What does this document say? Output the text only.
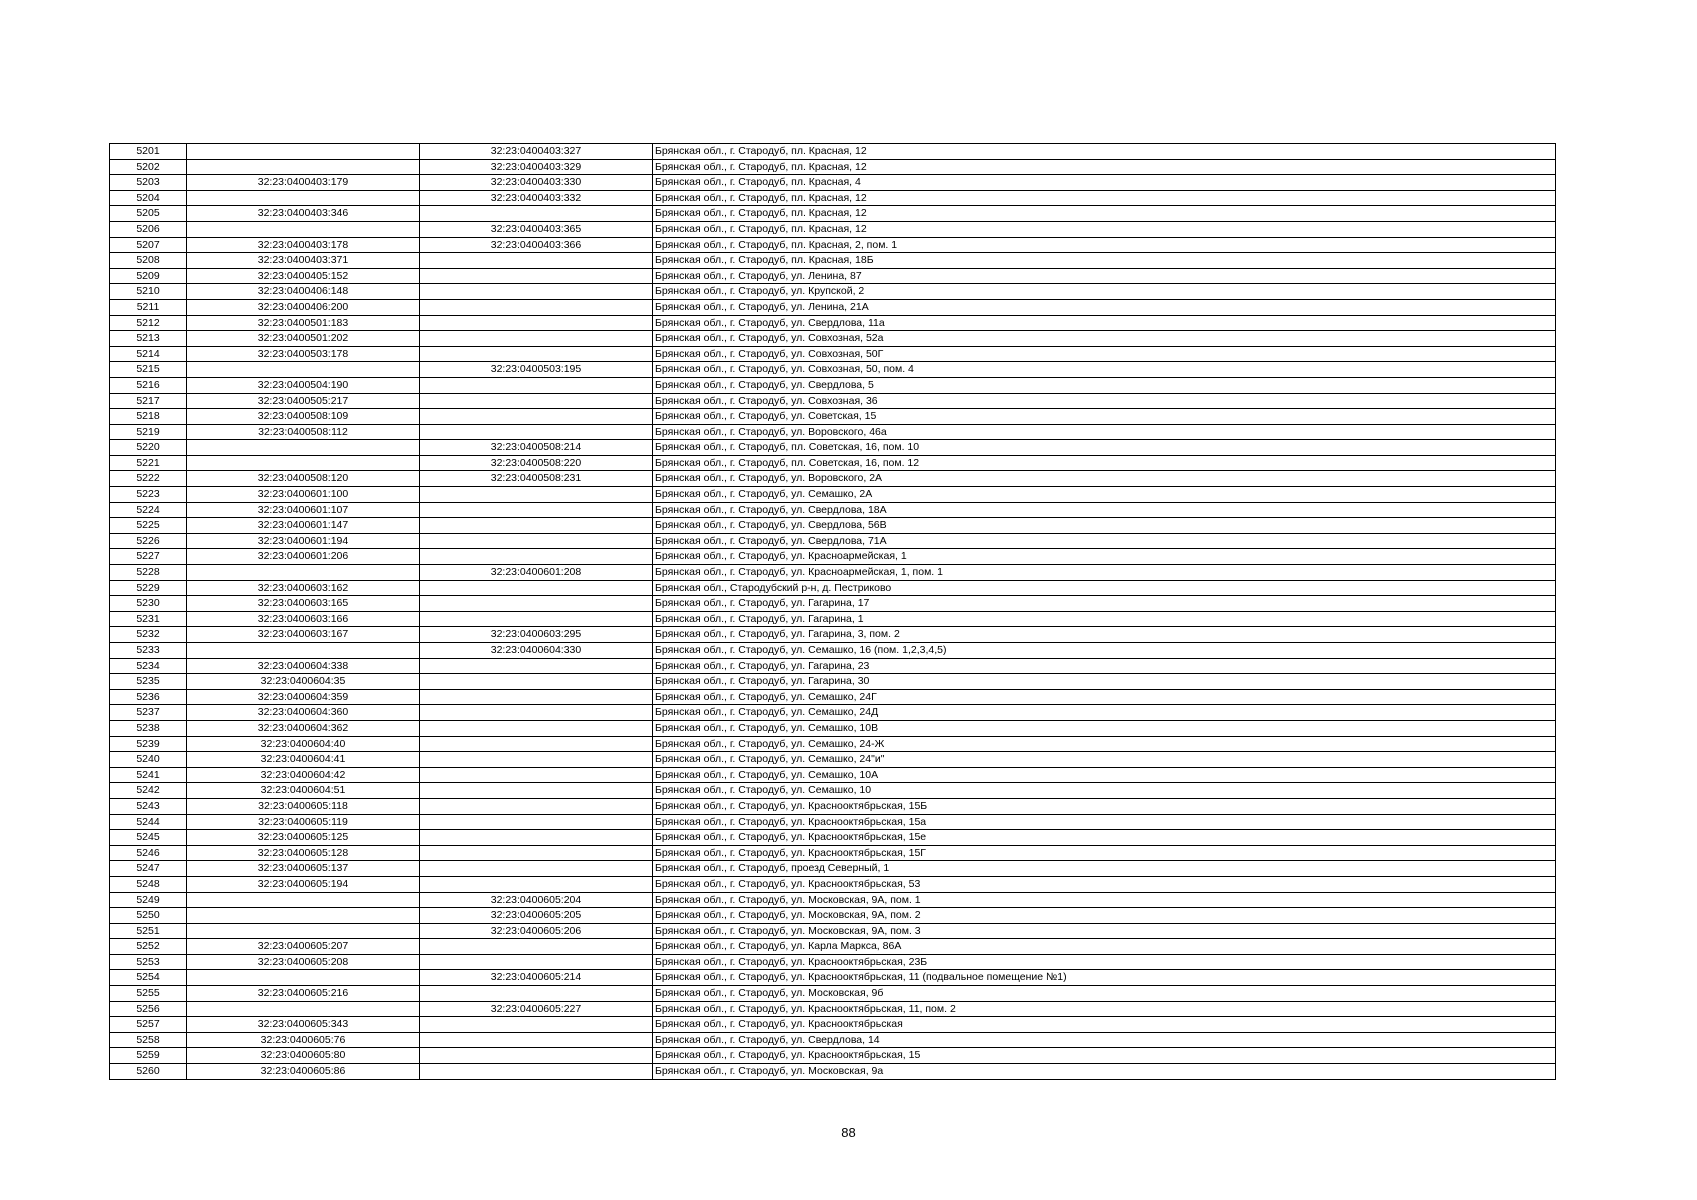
5201		32:23:0400403:327	Брянская обл., г. Стародуб, пл. Красная, 12
5202		32:23:0400403:329	Брянская обл., г. Стародуб, пл. Красная, 12
5203	32:23:0400403:179	32:23:0400403:330	Брянская обл., г. Стародуб, пл. Красная, 4
5204		32:23:0400403:332	Брянская обл., г. Стародуб, пл. Красная, 12
5205	32:23:0400403:346		Брянская обл., г. Стародуб, пл. Красная, 12
5206		32:23:0400403:365	Брянская обл., г. Стародуб, пл. Красная, 12
5207	32:23:0400403:178	32:23:0400403:366	Брянская обл., г. Стародуб, пл. Красная, 2, пом. 1
5208	32:23:0400403:371		Брянская обл., г. Стародуб, пл. Красная, 18Б
5209	32:23:0400405:152		Брянская обл., г. Стародуб, ул. Ленина, 87
5210	32:23:0400406:148		Брянская обл., г. Стародуб, ул. Крупской, 2
5211	32:23:0400406:200		Брянская обл., г. Стародуб, ул. Ленина, 21А
5212	32:23:0400501:183		Брянская обл., г. Стародуб, ул. Свердлова, 11а
5213	32:23:0400501:202		Брянская обл., г. Стародуб, ул. Совхозная, 52а
5214	32:23:0400503:178		Брянская обл., г. Стародуб, ул. Совхозная, 50Г
5215		32:23:0400503:195	Брянская обл., г. Стародуб, ул. Совхозная, 50, пом. 4
5216	32:23:0400504:190		Брянская обл., г. Стародуб, ул. Свердлова, 5
5217	32:23:0400505:217		Брянская обл., г. Стародуб, ул. Совхозная, 36
5218	32:23:0400508:109		Брянская обл., г. Стародуб, ул. Советская, 15
5219	32:23:0400508:112		Брянская обл., г. Стародуб, ул. Воровского, 46а
5220		32:23:0400508:214	Брянская обл., г. Стародуб, пл. Советская, 16, пом. 10
5221		32:23:0400508:220	Брянская обл., г. Стародуб, пл. Советская, 16, пом. 12
5222	32:23:0400508:120	32:23:0400508:231	Брянская обл., г. Стародуб, ул. Воровского, 2А
5223	32:23:0400601:100		Брянская обл., г. Стародуб, ул. Семашко, 2А
5224	32:23:0400601:107		Брянская обл., г. Стародуб, ул. Свердлова, 18А
5225	32:23:0400601:147		Брянская обл., г. Стародуб, ул. Свердлова, 56В
5226	32:23:0400601:194		Брянская обл., г. Стародуб, ул. Свердлова, 71А
5227	32:23:0400601:206		Брянская обл., г. Стародуб, ул. Красноармейская, 1
5228		32:23:0400601:208	Брянская обл., г. Стародуб, ул. Красноармейская, 1, пом. 1
5229	32:23:0400603:162		Брянская обл., Стародубский р-н, д. Пестриково
5230	32:23:0400603:165		Брянская обл., г. Стародуб, ул. Гагарина, 17
5231	32:23:0400603:166		Брянская обл., г. Стародуб, ул. Гагарина, 1
5232	32:23:0400603:167	32:23:0400603:295	Брянская обл., г. Стародуб, ул. Гагарина, 3, пом. 2
5233		32:23:0400604:330	Брянская обл., г. Стародуб, ул. Семашко, 16 (пом. 1,2,3,4,5)
5234	32:23:0400604:338		Брянская обл., г. Стародуб, ул. Гагарина, 23
5235	32:23:0400604:35		Брянская обл., г. Стародуб, ул. Гагарина, 30
5236	32:23:0400604:359		Брянская обл., г. Стародуб, ул. Семашко, 24Г
5237	32:23:0400604:360		Брянская обл., г. Стародуб, ул. Семашко, 24Д
5238	32:23:0400604:362		Брянская обл., г. Стародуб, ул. Семашко, 10В
5239	32:23:0400604:40		Брянская обл., г. Стародуб, ул. Семашко, 24-Ж
5240	32:23:0400604:41		Брянская обл., г. Стародуб, ул. Семашко, 24"и"
5241	32:23:0400604:42		Брянская обл., г. Стародуб, ул. Семашко, 10А
5242	32:23:0400604:51		Брянская обл., г. Стародуб, ул. Семашко, 10
5243	32:23:0400605:118		Брянская обл., г. Стародуб, ул. Краснооктябрьская, 15Б
5244	32:23:0400605:119		Брянская обл., г. Стародуб, ул. Краснооктябрьская, 15а
5245	32:23:0400605:125		Брянская обл., г. Стародуб, ул. Краснооктябрьская, 15е
5246	32:23:0400605:128		Брянская обл., г. Стародуб, ул. Краснооктябрьская, 15Г
5247	32:23:0400605:137		Брянская обл., г. Стародуб, проезд Северный, 1
5248	32:23:0400605:194		Брянская обл., г. Стародуб, ул. Краснооктябрьская, 53
5249		32:23:0400605:204	Брянская обл., г. Стародуб, ул. Московская, 9А, пом. 1
5250		32:23:0400605:205	Брянская обл., г. Стародуб, ул. Московская, 9А, пом. 2
5251		32:23:0400605:206	Брянская обл., г. Стародуб, ул. Московская, 9А, пом. 3
5252	32:23:0400605:207		Брянская обл., г. Стародуб, ул. Карла Маркса, 86А
5253	32:23:0400605:208		Брянская обл., г. Стародуб, ул. Краснооктябрьская, 23Б
5254		32:23:0400605:214	Брянская обл., г. Стародуб, ул. Краснооктябрьская, 11 (подвальное помещение №1)
5255	32:23:0400605:216		Брянская обл., г. Стародуб, ул. Московская, 9б
5256		32:23:0400605:227	Брянская обл., г. Стародуб, ул. Краснооктябрьская, 11, пом. 2
5257	32:23:0400605:343		Брянская обл., г. Стародуб, ул. Краснооктябрьская
5258	32:23:0400605:76		Брянская обл., г. Стародуб, ул. Свердлова, 14
5259	32:23:0400605:80		Брянская обл., г. Стародуб, ул. Краснооктябрьская, 15
5260	32:23:0400605:86		Брянская обл., г. Стародуб, ул. Московская, 9а
88
